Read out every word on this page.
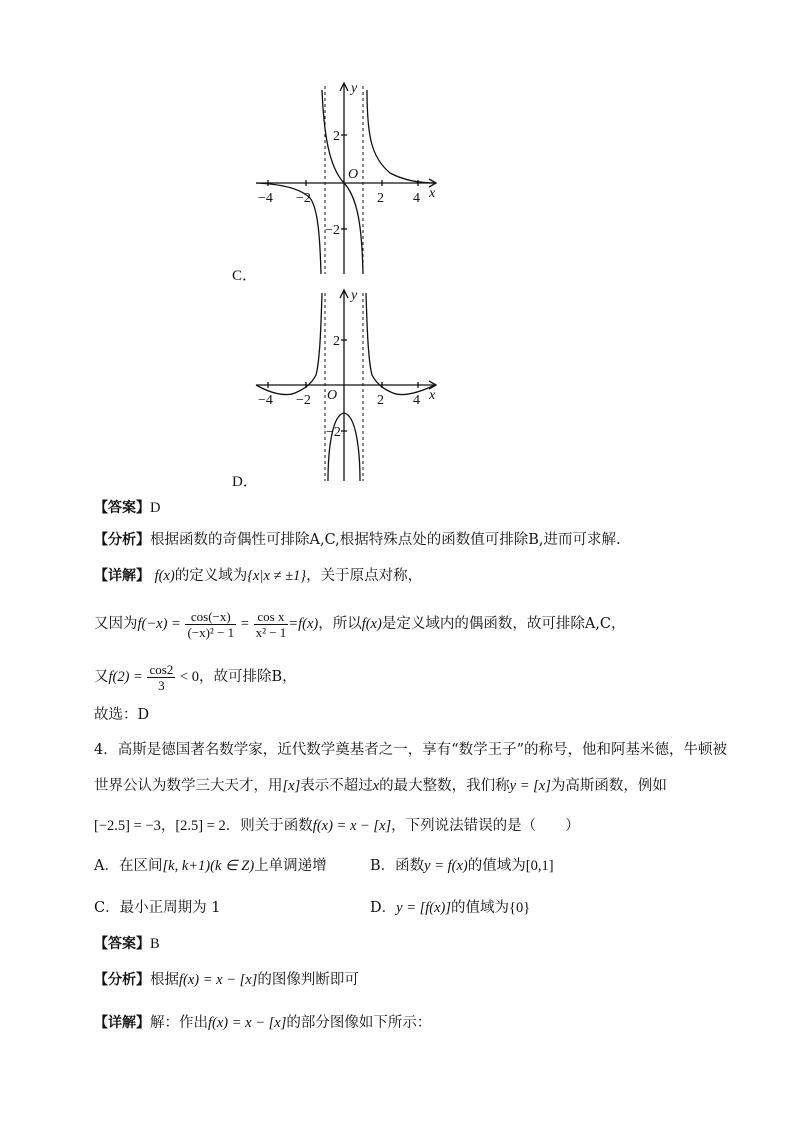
−4 −2	2 4
2
−2
O
x
y
C．
−4 −2	2 4
2
−2
O	x
y
D．
【答案】D
【分析】根据函数的奇偶性可排除A,C,根据特殊点处的函数值可排除B,进而可求解.
【详解】 f(x)的定义域为{x|x ≠ ±1}，关于原点对称，
又因为$f(-x) = \frac{\cos(-x)}{\text{(−x)² − 1}} = \frac{\text{cos x}}{\text{x² − 1}} =f(x)$，所以f(x)是定义域内的偶函数，故可排除A,C，
又$f(2) = \frac{\cos 2}{3} < 0$，故可排除B，
故选：D
4．高斯是德国著名数学家，近代数学奠基者之一，享有“数学王子”的称号，他和阿基米德，牛顿被
世界公认为数学三大天才，用[x]表示不超过x的最大整数，我们称y = [x]为高斯函数，例如
[−2.5] = −3，[2.5] = 2．则关于函数f(x) = x − [x]，下列说法错误的是（　　）
A．在区间[k, k+1)(k ∈ Z)上单调递增	B．函数y = f(x)的值域为[0,1]
C．最小正周期为 1	D．y = [f(x)]的值域为{0}
【答案】B
【分析】根据f(x) = x − [x]的图像判断即可
【详解】解：作出f(x) = x − [x]的部分图像如下所示：
